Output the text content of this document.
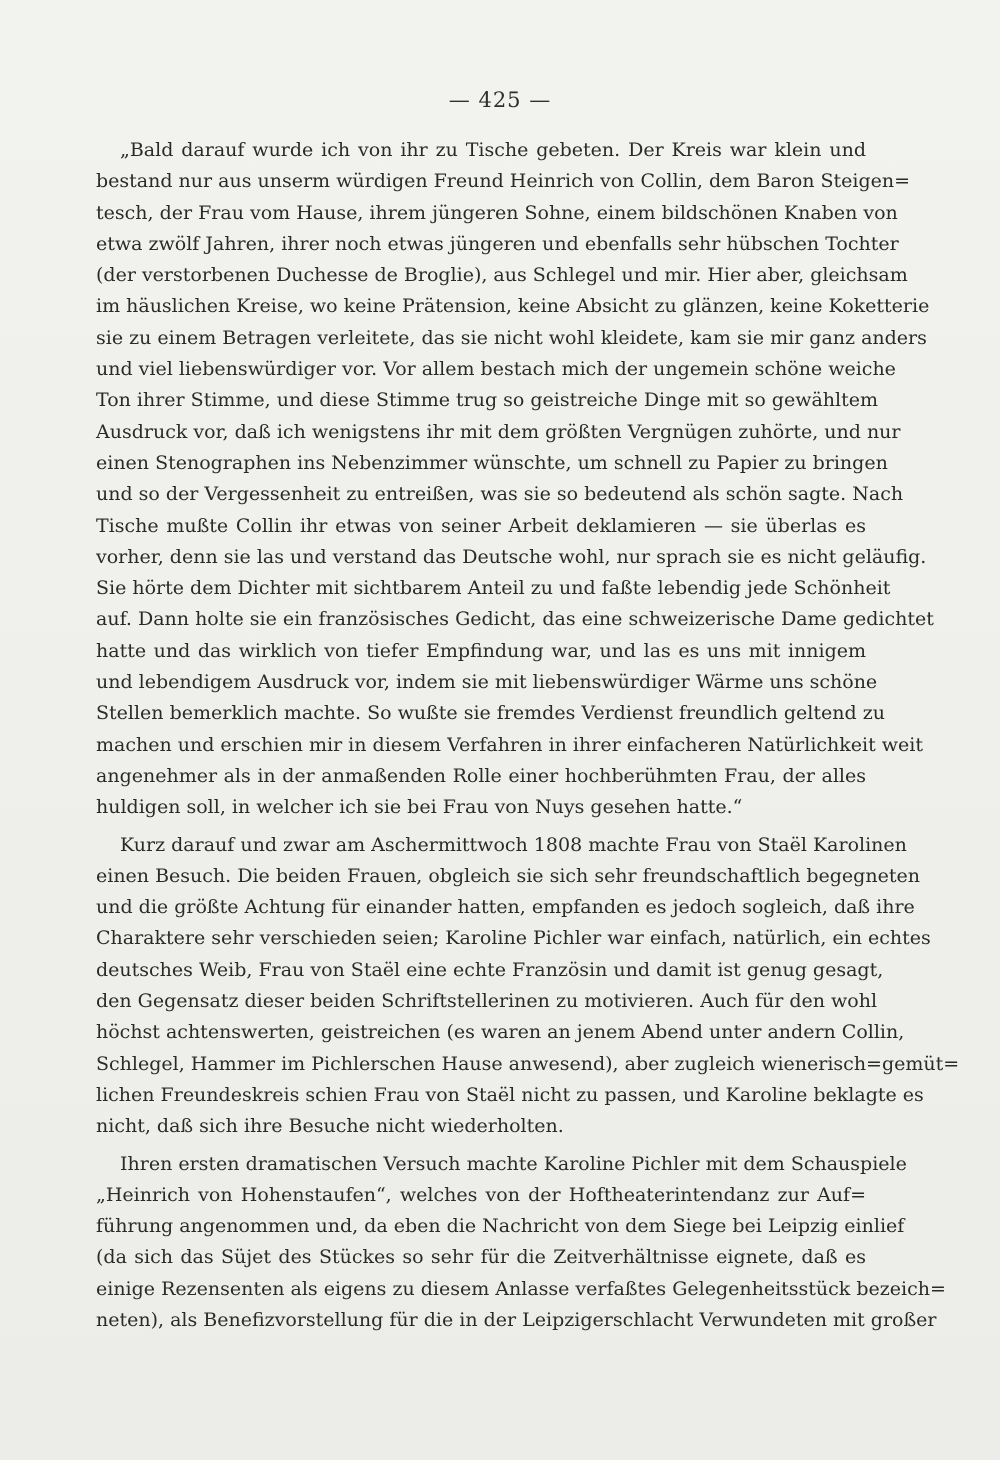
— 425 —
„Bald darauf wurde ich von ihr zu Tische gebeten. Der Kreis war klein und
bestand nur aus unserm würdigen Freund Heinrich von Collin, dem Baron Steigen=
tesch, der Frau vom Hause, ihrem jüngeren Sohne, einem bildschönen Knaben von
etwa zwölf Jahren, ihrer noch etwas jüngeren und ebenfalls sehr hübschen Tochter
(der verstorbenen Duchesse de Broglie), aus Schlegel und mir. Hier aber, gleichsam
im häuslichen Kreise, wo keine Prätension, keine Absicht zu glänzen, keine Koketterie
sie zu einem Betragen verleitete, das sie nicht wohl kleidete, kam sie mir ganz anders
und viel liebenswürdiger vor. Vor allem bestach mich der ungemein schöne weiche
Ton ihrer Stimme, und diese Stimme trug so geistreiche Dinge mit so gewähltem
Ausdruck vor, daß ich wenigstens ihr mit dem größten Vergnügen zuhörte, und nur
einen Stenographen ins Nebenzimmer wünschte, um schnell zu Papier zu bringen
und so der Vergessenheit zu entreißen, was sie so bedeutend als schön sagte. Nach
Tische mußte Collin ihr etwas von seiner Arbeit deklamieren — sie überlas es
vorher, denn sie las und verstand das Deutsche wohl, nur sprach sie es nicht geläufig.
Sie hörte dem Dichter mit sichtbarem Anteil zu und faßte lebendig jede Schönheit
auf. Dann holte sie ein französisches Gedicht, das eine schweizerische Dame gedichtet
hatte und das wirklich von tiefer Empfindung war, und las es uns mit innigem
und lebendigem Ausdruck vor, indem sie mit liebenswürdiger Wärme uns schöne
Stellen bemerklich machte. So wußte sie fremdes Verdienst freundlich geltend zu
machen und erschien mir in diesem Verfahren in ihrer einfacheren Natürlichkeit weit
angenehmer als in der anmaßenden Rolle einer hochberühmten Frau, der alles
huldigen soll, in welcher ich sie bei Frau von Nuys gesehen hatte.“
Kurz darauf und zwar am Aschermittwoch 1808 machte Frau von Staël Karolinen
einen Besuch. Die beiden Frauen, obgleich sie sich sehr freundschaftlich begegneten
und die größte Achtung für einander hatten, empfanden es jedoch sogleich, daß ihre
Charaktere sehr verschieden seien; Karoline Pichler war einfach, natürlich, ein echtes
deutsches Weib, Frau von Staël eine echte Französin und damit ist genug gesagt,
den Gegensatz dieser beiden Schriftstellerinen zu motivieren. Auch für den wohl
höchst achtenswerten, geistreichen (es waren an jenem Abend unter andern Collin,
Schlegel, Hammer im Pichlerschen Hause anwesend), aber zugleich wienerisch=gemüt=
lichen Freundeskreis schien Frau von Staël nicht zu passen, und Karoline beklagte es
nicht, daß sich ihre Besuche nicht wiederholten.
Ihren ersten dramatischen Versuch machte Karoline Pichler mit dem Schauspiele
„Heinrich von Hohenstaufen“, welches von der Hoftheaterintendanz zur Auf=
führung angenommen und, da eben die Nachricht von dem Siege bei Leipzig einlief
(da sich das Süjet des Stückes so sehr für die Zeitverhältnisse eignete, daß es
einige Rezensenten als eigens zu diesem Anlasse verfaßtes Gelegenheitsstück bezeich=
neten), als Benefizvorstellung für die in der Leipzigerschlacht Verwundeten mit großer
